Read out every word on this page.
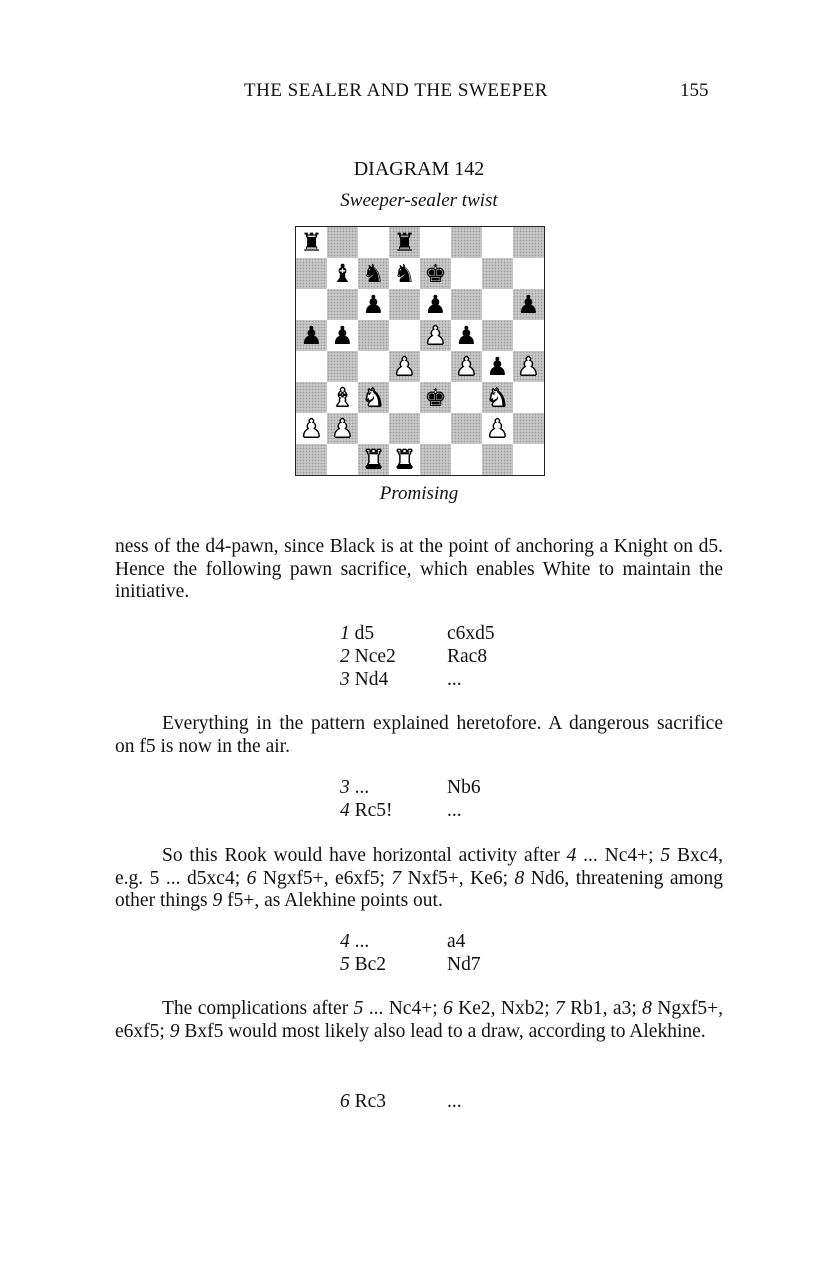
THE SEALER AND THE SWEEPER	155
DIAGRAM 142
Sweeper-sealer twist
♜	♜
♝ ♞ ♞ ♚
♟ ♟	♟
♟ ♟	♟ ♟
♟ ♟ ♟ ♟
♝ ♞ ♚ ♞
♟ ♟	♟
♜ ♜
Promising

ness of the d4-pawn, since Black is at the point of anchoring a Knight on d5. Hence the following pawn sacrifice, which enables White to maintain the initiative.

1 d5	c6xd5
2 Nce2	Rac8
3 Nd4	...

Everything in the pattern explained heretofore. A dangerous sacrifice on f5 is now in the air.

3 ...	Nb6
4 Rc5!	...

So this Rook would have horizontal activity after 4 ... Nc4+; 5 Bxc4, e.g. 5 ... d5xc4; 6 Ngxf5+, e6xf5; 7 Nxf5+, Ke6; 8 Nd6, threatening among other things 9 f5+, as Alekhine points out.

4 ...	a4
5 Bc2	Nd7

The complications after 5 ... Nc4+; 6 Ke2, Nxb2; 7 Rb1, a3; 8 Ngxf5+, e6xf5; 9 Bxf5 would most likely also lead to a draw, according to Alekhine.

6 Rc3	...
